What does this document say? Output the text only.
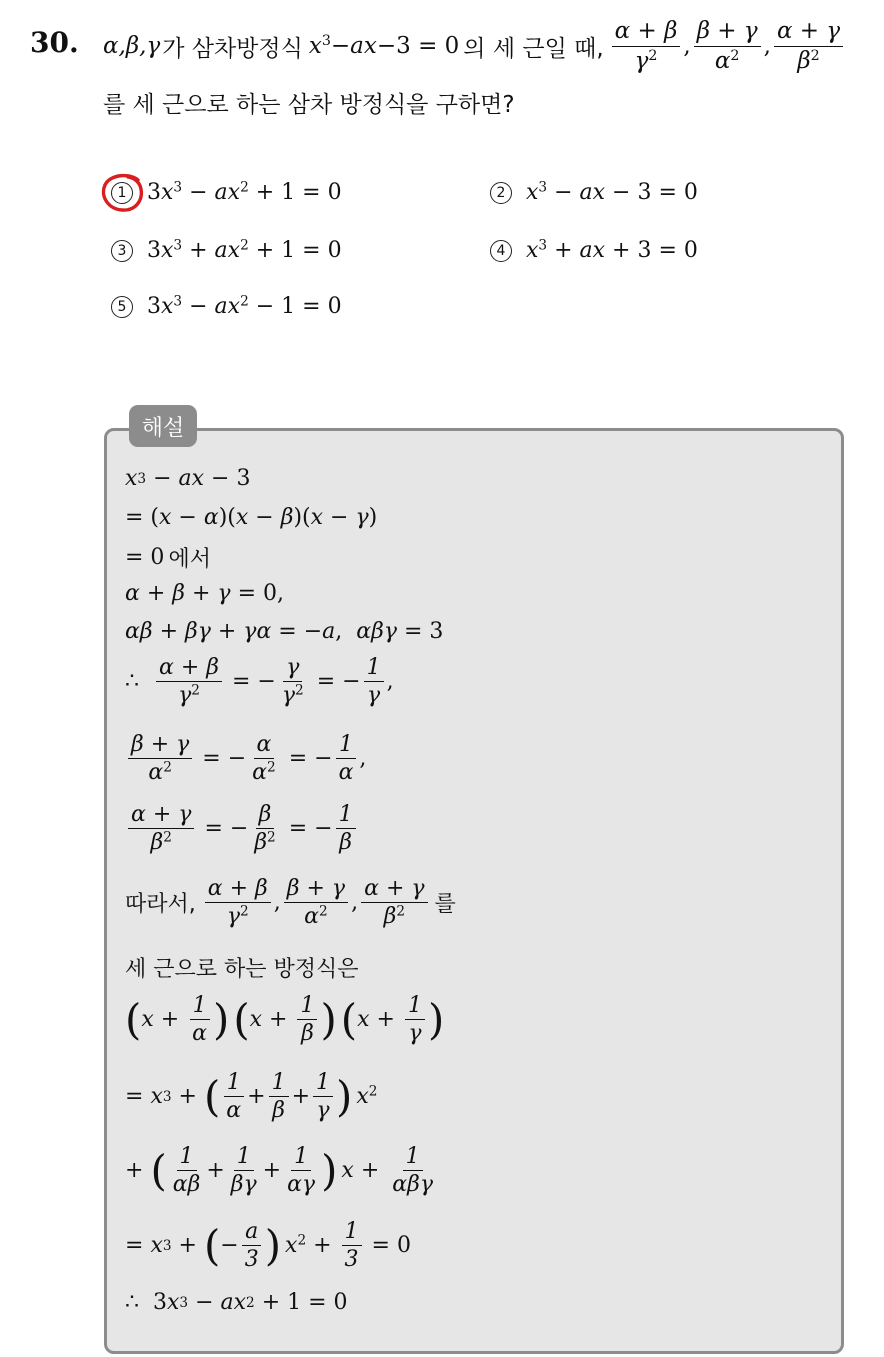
30. α,β,γ 가 삼차방정식 $x^3-ax-3 = 0$ 의 세 근일 때, $\frac{\alpha + \beta}{\gamma^2}$ , $\frac{\beta + \gamma}{\alpha^2}$ , $\frac{\alpha + \gamma}{\beta^2}$
를 세 근으로 하는 삼차 방정식을 구하면?
1 $3x^3 - ax^2 + 1 = 0$	2 $x^3$ − ax − 3 = 0
3 $3x^3 + ax^2 + 1 = 0$	4 $x^3$ + ax + 3 = 0
5 $3x^3 - ax^2 - 1 = 0$
해설
x 3 − ax − 3
= ( x − α )( x − β )( x − γ )
= 0 에서
α + β + γ = 0,
αβ + βγ + γα = − a , αβγ = 3
∴ $\frac{\alpha + \beta}{\gamma^2}$ = − $\frac{\gamma}{\gamma^2}$ = − $\frac{1}{\gamma}$ ,
$\frac{\beta + \gamma}{\alpha^2}$ = − $\frac{\alpha}{\alpha^2}$ = − $\frac{1}{\alpha}$ ,
$\frac{\alpha + \gamma}{\beta^2}$ = − $\frac{\beta}{\beta^2}$ = − $\frac{1}{\beta}$
따라서, $\frac{\alpha + \beta}{\gamma^2}$ , $\frac{\beta + \gamma}{\alpha^2}$ , $\frac{\alpha + \gamma}{\beta^2}$ 를
세 근으로 하는 방정식은
( $x + \frac{1}{\alpha}$ ) ( $x + \frac{1}{\beta}$ ) ( $x + \frac{1}{\gamma}$ )
= x 3 + ( $\frac{1}{\alpha} + \frac{1}{\beta} + \frac{1}{\gamma}$ ) $x^2$
+ ( $\frac{1}{\alpha\beta} + \frac{1}{\beta\gamma} + \frac{1}{\alpha\gamma}$ ) $x + \frac{1}{\text{αβγ}}$
= x 3 + ( − $\frac{a}{3}$ ) $x^2 + \frac{1}{3} = 0$
∴ 3 x 3 − ax 2 + 1 = 0
